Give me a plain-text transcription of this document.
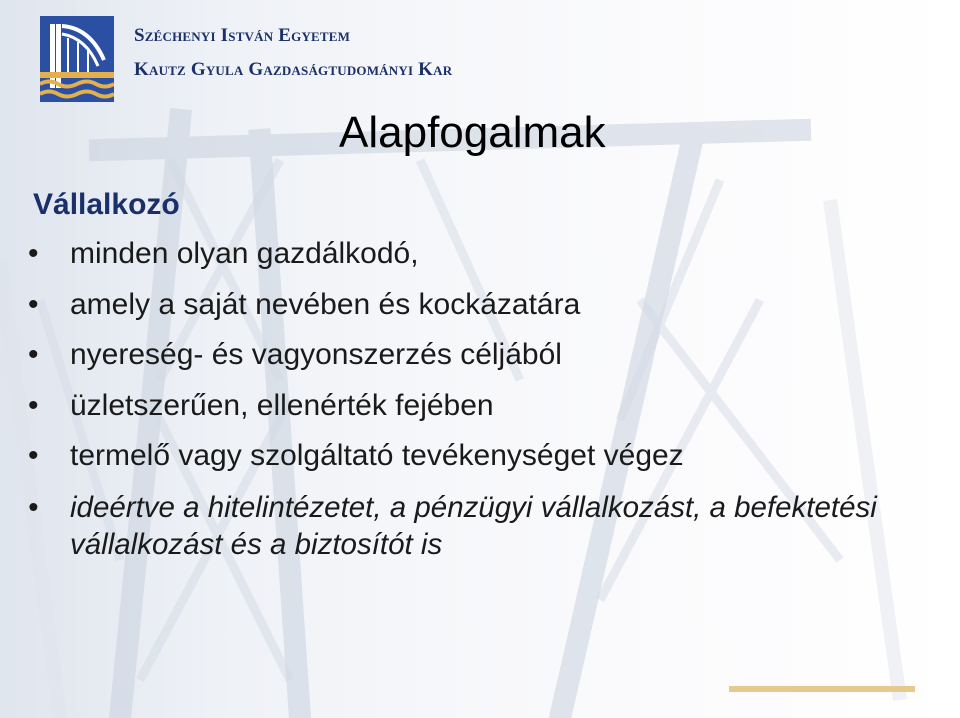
Széchenyi István Egyetem

Kautz Gyula Gazdaságtudományi Kar

Alapfogalmak
Vállalkozó
• minden olyan gazdálkodó,
• amely a saját nevében és kockázatára
• nyereség- és vagyonszerzés céljából
• üzletszerűen, ellenérték fejében
• termelő vagy szolgáltató tevékenységet végez
• ideértve a hitelintézetet, a pénzügyi vállalkozást, a befektetési vállalkozást és a biztosítót is
